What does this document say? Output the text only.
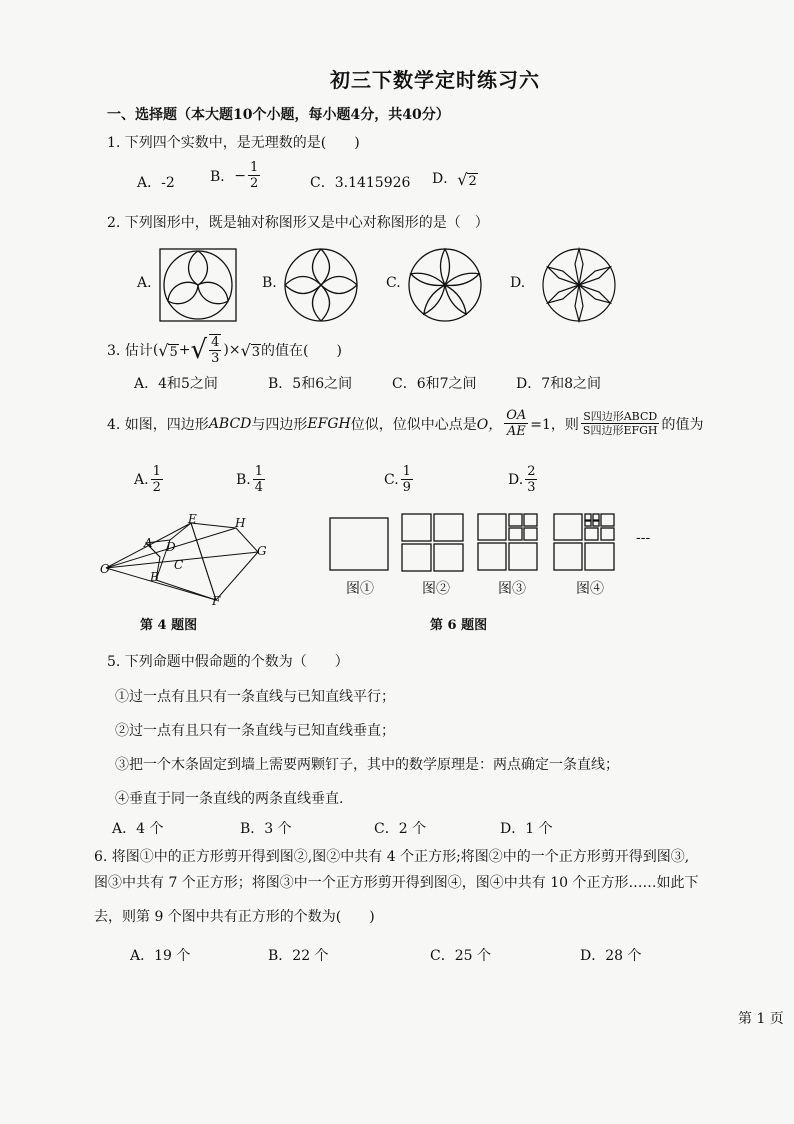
初三下数学定时练习六
一、选择题（本大题10个小题，每小题4分，共40分）
1. 下列四个实数中，是无理数的是(　　)
A．-2	B． − $\frac{1}{2}$	C．3.1415926 D．√2
2. 下列图形中，既是轴对称图形又是中心对称图形的是（　）
A.	B.	C.	D.
3. 估计 ( √5 + √ $\frac{4}{3}$ )× √3 的值在(　　)
A．4和5之间	B．5和6之间	C．6和7之间	D．7和8之间
4. 如图，四边形 ABCD 与四边形 EFGH 位似，位似中心点是 O， $\frac{OA}{AE} =1$，则 $\frac{\text{S四边形ABCD}}{\text{S四边形EFGH}}$ 的值为
A. $\frac{1}{2}$	B. $\frac{1}{4}$	C. $\frac{1}{9}$	D. $\frac{2}{3}$
O
A D
B
C
E	H
G
F
第 4 题图
---
图①	图②	图③	图④
第 6 题图
5. 下列命题中假命题的个数为（　　）
①过一点有且只有一条直线与已知直线平行；
②过一点有且只有一条直线与已知直线垂直；
③把一个木条固定到墙上需要两颗钉子，其中的数学原理是：两点确定一条直线；
④垂直于同一条直线的两条直线垂直.
A．4 个	B．3 个	C．2 个	D．1 个
6. 将图①中的正方形剪开得到图②,图②中共有 4 个正方形;将图②中的一个正方形剪开得到图③,
图③中共有 7 个正方形；将图③中一个正方形剪开得到图④，图④中共有 10 个正方形……如此下
去，则第 9 个图中共有正方形的个数为(　　)
A．19 个	B．22 个	C．25 个	D．28 个
第 1 页
